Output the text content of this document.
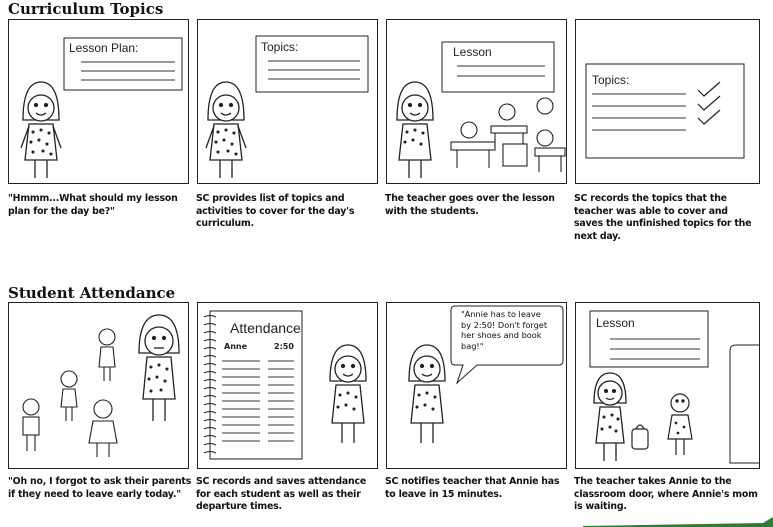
Curriculum Topics
Lesson Plan:

"Hmmm...What should my lesson plan for the day be?"

Topics:

SC provides list of topics and activities to cover for the day's curriculum.

Lesson

The teacher goes over the lesson with the students.

Topics:

SC records the topics that the teacher was able to cover and saves the unfinished topics for the next day.

Student Attendance

"Oh no, I forgot to ask their parents if they need to leave early today."

Attendance
Anne	2:50

SC records and saves attendance for each student as well as their departure times.

"Annie has to leave by 2:50! Don't forget her shoes and book bag!"

SC notifies teacher that Annie has to leave in 15 minutes.

Lesson

The teacher takes Annie to the classroom door, where Annie's mom is waiting.
